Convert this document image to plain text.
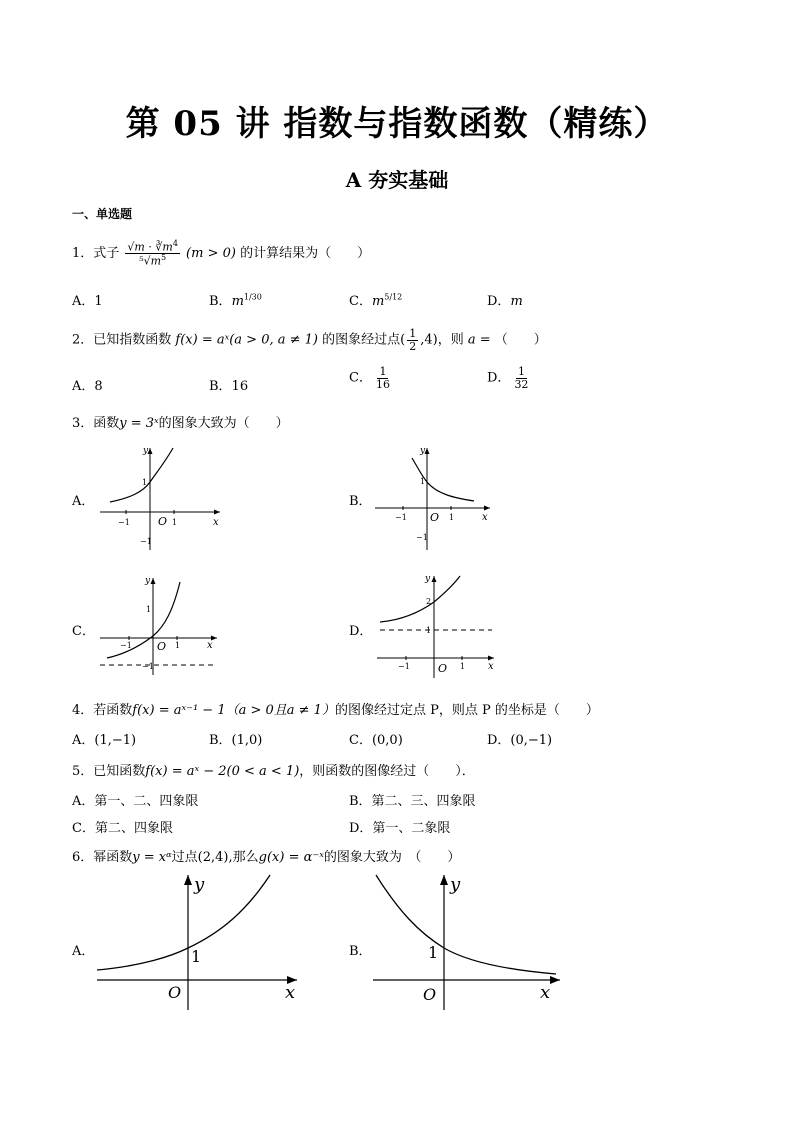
第 05 讲 指数与指数函数（精练）
A 夯实基础
一、单选题
1．式子 $\frac{√m \cdot ∛m^4}{^5√m^5} (m > 0)$ 的计算结果为（　　）
A．1	B．$m^{1/30}$	C．$m^{5/12}$	D．m
2．已知指数函数 f(x) = aˣ(a > 0, a ≠ 1) 的图象经过点( $\frac{1}{2} ,4$)，则 a = （　　）
A．8	B．16
C． $\frac{1}{16}$	D． $\frac{1}{32}$
3．函数y = 3ˣ的图象大致为（　　）
A．
y
x
O
1
−1	1
−1
B．
y
x
O
1
−1	1
−1
C．
y
x
O
1
−1	1
−1
D．
y
x
O
2
1
−1	1
4．若函数f(x) = aˣ⁻¹ − 1（a > 0且a ≠ 1）的图像经过定点 P，则点 P 的坐标是（　　）
A．(1,−1)	B．(1,0)	C．(0,0)	D．(0,−1)
5．已知函数f(x) = aˣ − 2(0 < a < 1)，则函数的图像经过（　　）．
A．第一、二、四象限	B．第二、三、四象限
C．第二、四象限	D．第一、二象限
6．幂函数y = xᵅ过点(2,4),那么g(x) = α⁻ˣ的图象大致为　（　　）
A．
y
x
O
1	B．
y
x
O
1
